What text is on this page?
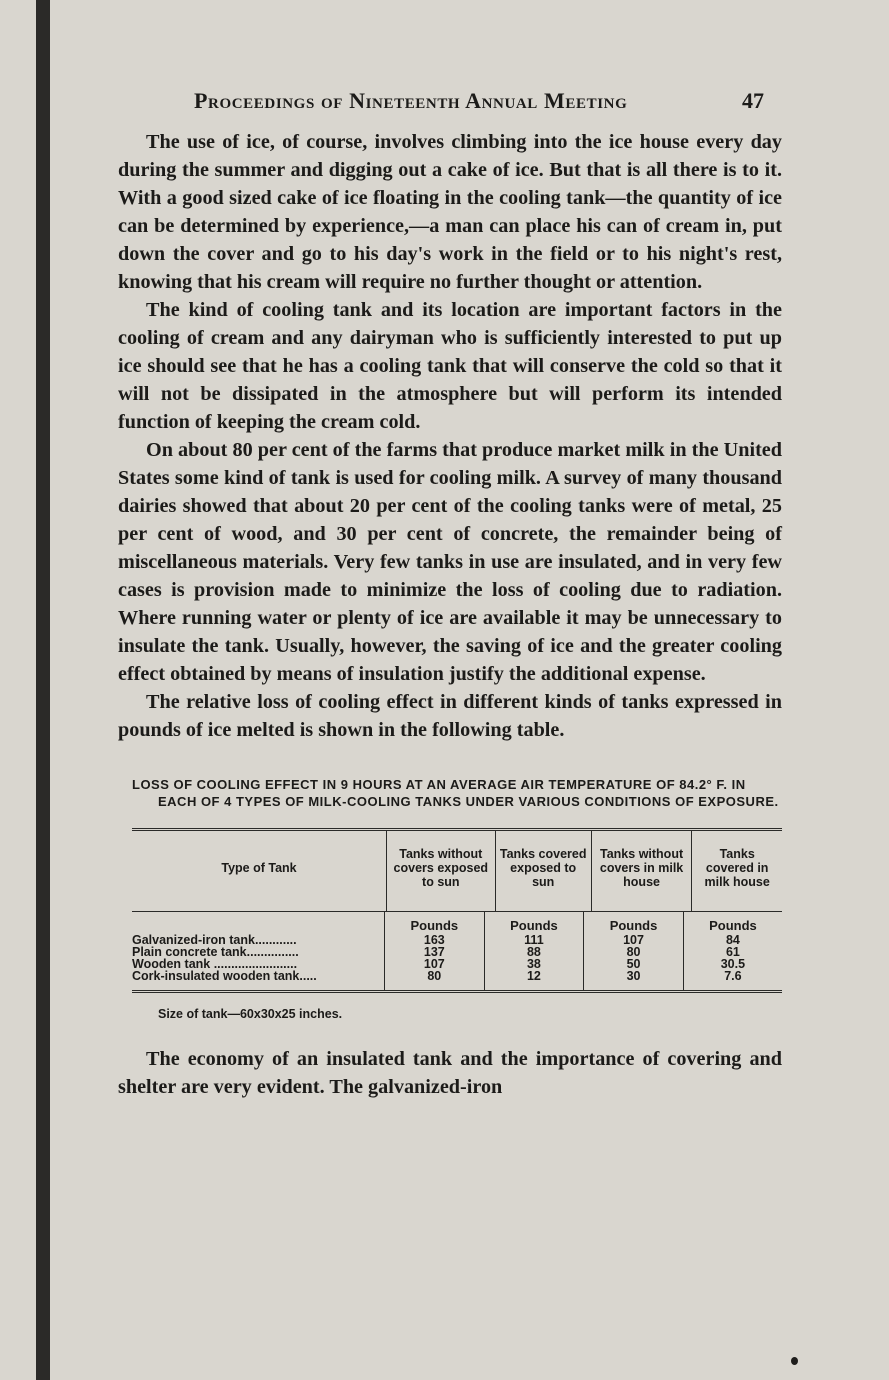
Proceedings of Nineteenth Annual Meeting	47

The use of ice, of course, involves climbing into the ice house every day during the summer and digging out a cake of ice. But that is all there is to it. With a good sized cake of ice floating in the cooling tank—the quantity of ice can be determined by experience,—a man can place his can of cream in, put down the cover and go to his day's work in the field or to his night's rest, knowing that his cream will require no further thought or attention.

The kind of cooling tank and its location are important factors in the cooling of cream and any dairyman who is sufficiently interested to put up ice should see that he has a cooling tank that will conserve the cold so that it will not be dissipated in the atmosphere but will perform its intended function of keeping the cream cold.

On about 80 per cent of the farms that produce market milk in the United States some kind of tank is used for cooling milk. A survey of many thousand dairies showed that about 20 per cent of the cooling tanks were of metal, 25 per cent of wood, and 30 per cent of concrete, the remainder being of miscellaneous materials. Very few tanks in use are insulated, and in very few cases is provision made to minimize the loss of cooling due to radiation. Where running water or plenty of ice are available it may be unnecessary to insulate the tank. Usually, however, the saving of ice and the greater cooling effect obtained by means of insulation justify the additional expense.

The relative loss of cooling effect in different kinds of tanks expressed in pounds of ice melted is shown in the following table.

LOSS OF COOLING EFFECT IN 9 HOURS AT AN AVERAGE AIR TEMPERATURE OF 84.2° F. IN EACH OF 4 TYPES OF MILK-COOLING TANKS UNDER VARIOUS CONDITIONS OF EXPOSURE.
Type of Tank	Tanks without covers exposed to sun	Tanks covered exposed to sun	Tanks without covers in milk house	Tanks covered in milk house
	Pounds	Pounds	Pounds	Pounds
Galvanized-iron tank............	163	111	107	84
Plain concrete tank...............	137	88	80	61
Wooden tank ........................	107	38	50	30.5
Cork-insulated wooden tank.....	80	12	30	7.6
Size of tank—60x30x25 inches.

The economy of an insulated tank and the importance of covering and shelter are very evident. The galvanized-iron
